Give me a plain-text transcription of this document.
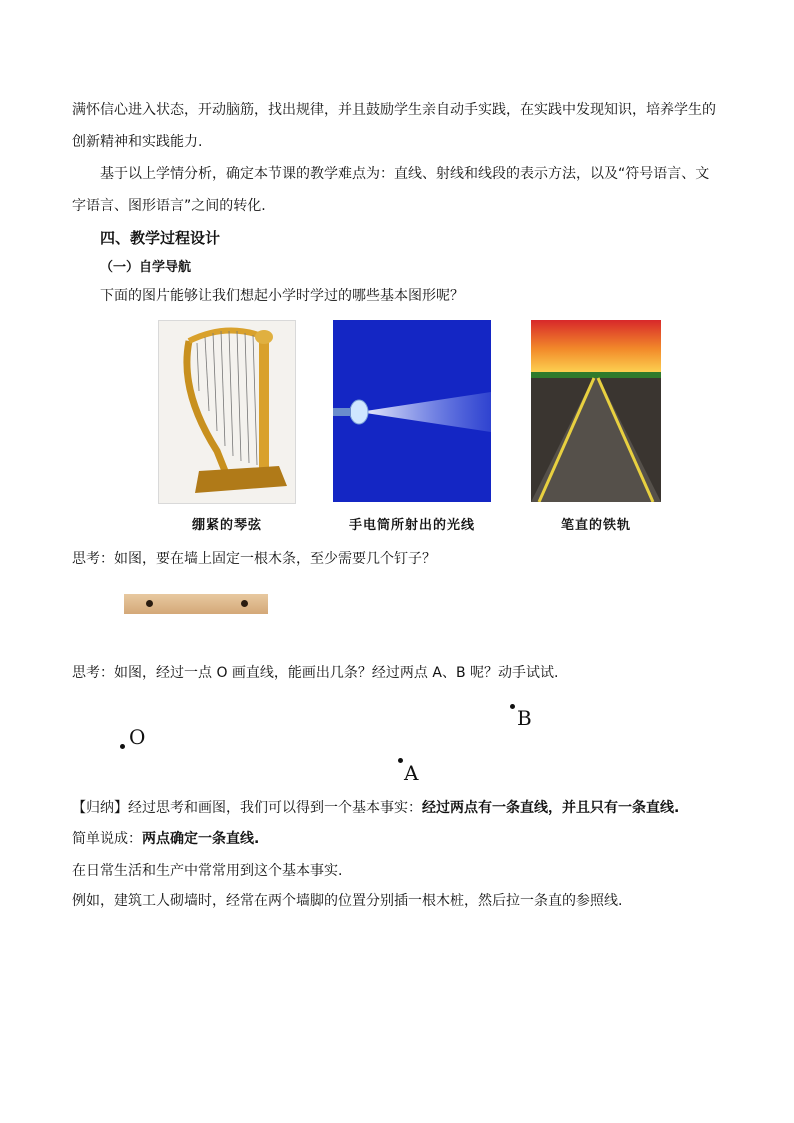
满怀信心进入状态，开动脑筋，找出规律，并且鼓励学生亲自动手实践，在实践中发现知识，培养学生的
创新精神和实践能力.
基于以上学情分析，确定本节课的教学难点为：直线、射线和线段的表示方法，以及“符号语言、文
字语言、图形语言”之间的转化.
四、教学过程设计
（一）自学导航
下面的图片能够让我们想起小学时学过的哪些基本图形呢？
绷紧的琴弦	手电筒所射出的光线	笔直的铁轨
思考：如图，要在墙上固定一根木条，至少需要几个钉子？
思考：如图，经过一点 O 画直线，能画出几条？经过两点 A、B 呢？动手试试.
O
B
A
【归纳】经过思考和画图，我们可以得到一个基本事实：经过两点有一条直线，并且只有一条直线.
简单说成：两点确定一条直线.
在日常生活和生产中常常用到这个基本事实.
例如，建筑工人砌墙时，经常在两个墙脚的位置分别插一根木桩，然后拉一条直的参照线.
